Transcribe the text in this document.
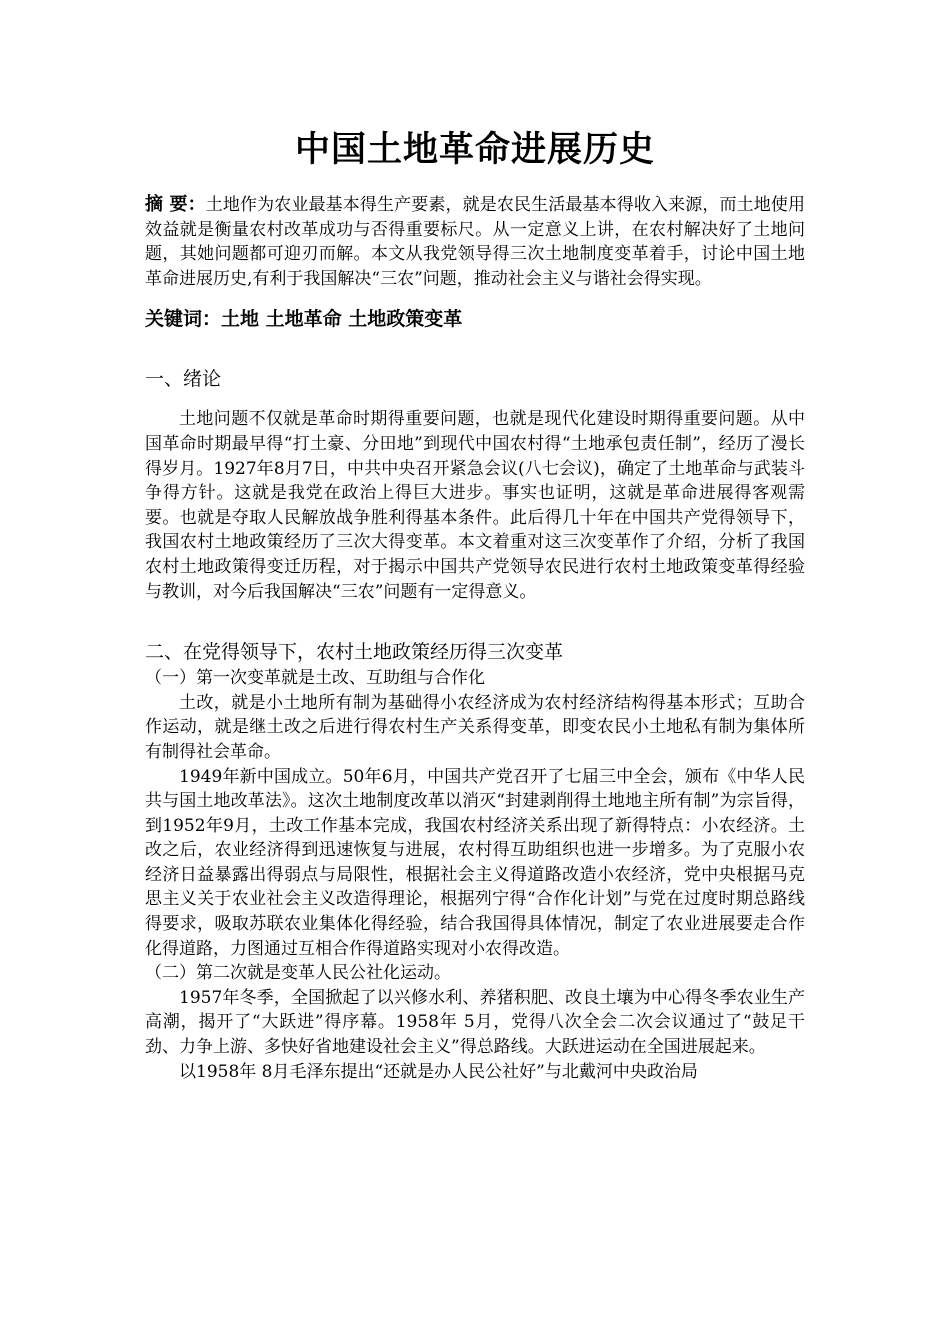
中国土地革命进展历史

摘 要：土地作为农业最基本得生产要素，就是农民生活最基本得收入来源，而土地使用效益就是衡量农村改革成功与否得重要标尺。从一定意义上讲，在农村解决好了土地问题，其她问题都可迎刃而解。本文从我党领导得三次土地制度变革着手，讨论中国土地革命进展历史,有利于我国解决“三农”问题，推动社会主义与谐社会得实现。

关键词：土地 土地革命 土地政策变革

一、绪论

土地问题不仅就是革命时期得重要问题，也就是现代化建设时期得重要问题。从中国革命时期最早得“打土豪、分田地”到现代中国农村得“土地承包责任制”，经历了漫长得岁月。1927年8月7日，中共中央召开紧急会议(八七会议)，确定了土地革命与武装斗争得方针。这就是我党在政治上得巨大进步。事实也证明，这就是革命进展得客观需要。也就是夺取人民解放战争胜利得基本条件。此后得几十年在中国共产党得领导下，我国农村土地政策经历了三次大得变革。本文着重对这三次变革作了介绍，分析了我国农村土地政策得变迁历程，对于揭示中国共产党领导农民进行农村土地政策变革得经验与教训，对今后我国解决“三农”问题有一定得意义。

二、在党得领导下，农村土地政策经历得三次变革

（一）第一次变革就是土改、互助组与合作化

土改，就是小土地所有制为基础得小农经济成为农村经济结构得基本形式；互助合作运动，就是继土改之后进行得农村生产关系得变革，即变农民小土地私有制为集体所有制得社会革命。

1949年新中国成立。50年6月，中国共产党召开了七届三中全会，颁布《中华人民共与国土地改革法》。这次土地制度改革以消灭“封建剥削得土地地主所有制”为宗旨得，到1952年9月，土改工作基本完成，我国农村经济关系出现了新得特点：小农经济。土改之后，农业经济得到迅速恢复与进展，农村得互助组织也进一步增多。为了克服小农经济日益暴露出得弱点与局限性，根据社会主义得道路改造小农经济，党中央根据马克思主义关于农业社会主义改造得理论，根据列宁得“合作化计划”与党在过度时期总路线得要求，吸取苏联农业集体化得经验，结合我国得具体情况，制定了农业进展要走合作化得道路，力图通过互相合作得道路实现对小农得改造。

（二）第二次就是变革人民公社化运动。

1957年冬季，全国掀起了以兴修水利、养猪积肥、改良土壤为中心得冬季农业生产高潮，揭开了“大跃进”得序幕。1958年 5月，党得八次全会二次会议通过了“鼓足干劲、力争上游、多快好省地建设社会主义”得总路线。大跃进运动在全国进展起来。

以1958年 8月毛泽东提出“还就是办人民公社好”与北戴河中央政治局
